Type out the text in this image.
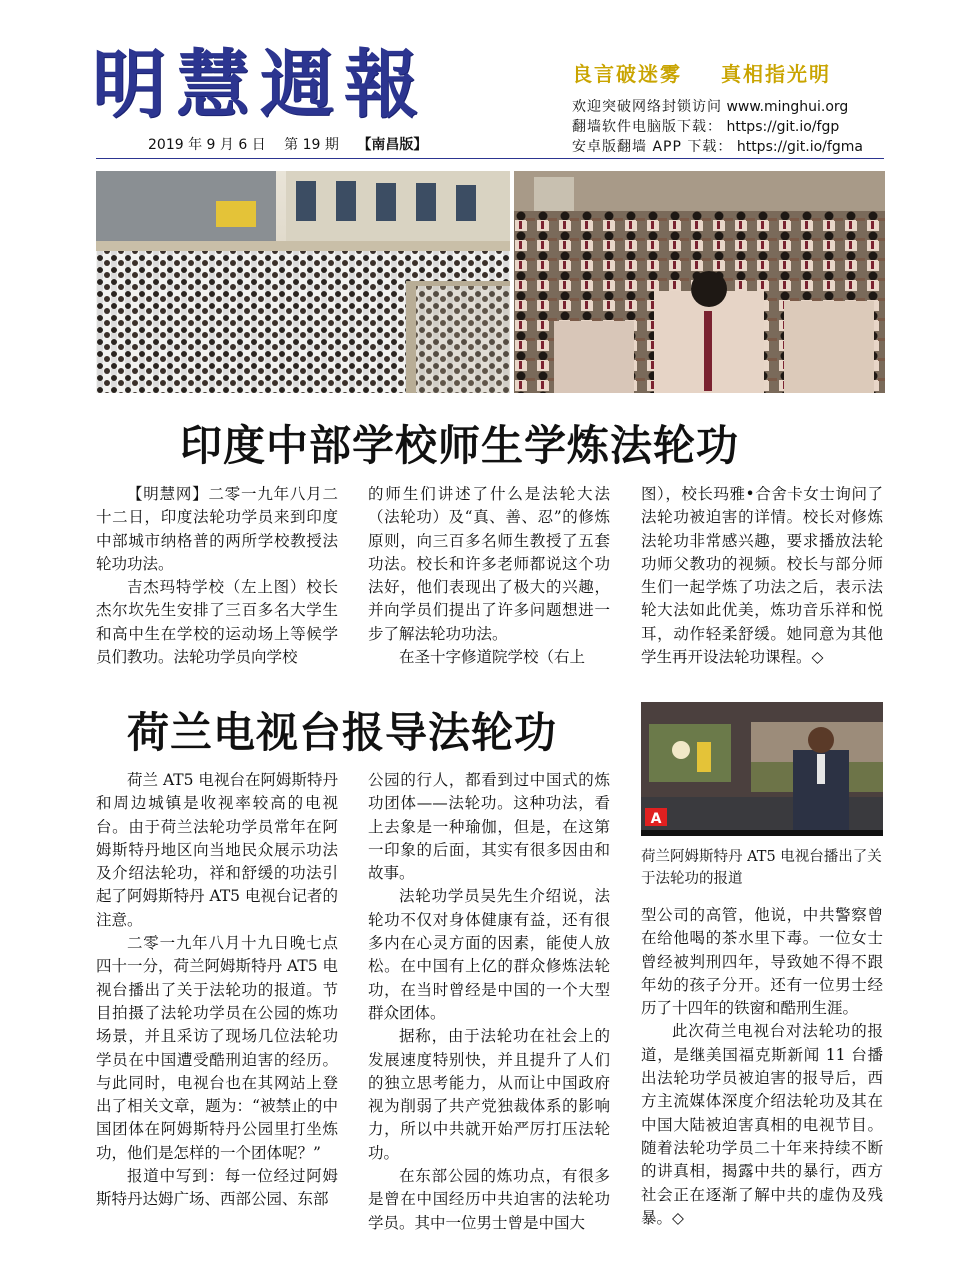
明慧週報
2019 年 9 月 6 日 第 19 期 【南昌版】
良言破迷雾 真相指光明
欢迎突破网络封锁访问 www.minghui.org
翻墙软件电脑版下载： https://git.io/fgp
安卓版翻墙 APP 下载： https://git.io/fgma
印度中部学校师生学炼法轮功

【明慧网】二零一九年八月二十二日，印度法轮功学员来到印度中部城市纳格普的两所学校教授法轮功功法。

吉杰玛特学校（左上图）校长杰尔坎先生安排了三百多名大学生和高中生在学校的运动场上等候学员们教功。法轮功学员向学校

的师生们讲述了什么是法轮大法（法轮功）及“真、善、忍”的修炼原则，向三百多名师生教授了五套功法。校长和许多老师都说这个功法好，他们表现出了极大的兴趣，并向学员们提出了许多问题想进一步了解法轮功功法。

在圣十字修道院学校（右上

图），校长玛雅•合舍卡女士询问了法轮功被迫害的详情。校长对修炼法轮功非常感兴趣，要求播放法轮功师父教功的视频。校长与部分师生们一起学炼了功法之后，表示法轮大法如此优美，炼功音乐祥和悦耳，动作轻柔舒缓。她同意为其他学生再开设法轮功课程。◇

荷兰电视台报导法轮功
A
荷兰阿姆斯特丹 AT5 电视台播出了关于法轮功的报道

荷兰 AT5 电视台在阿姆斯特丹和周边城镇是收视率较高的电视台。由于荷兰法轮功学员常年在阿姆斯特丹地区向当地民众展示功法及介绍法轮功，祥和舒缓的功法引起了阿姆斯特丹 AT5 电视台记者的注意。

二零一九年八月十九日晚七点四十一分，荷兰阿姆斯特丹 AT5 电视台播出了关于法轮功的报道。节目拍摄了法轮功学员在公园的炼功场景，并且采访了现场几位法轮功学员在中国遭受酷刑迫害的经历。与此同时，电视台也在其网站上登出了相关文章，题为：“被禁止的中国团体在阿姆斯特丹公园里打坐炼功，他们是怎样的一个团体呢？”

报道中写到：每一位经过阿姆斯特丹达姆广场、西部公园、东部

公园的行人，都看到过中国式的炼功团体——法轮功。这种功法，看上去象是一种瑜伽，但是，在这第一印象的后面，其实有很多因由和故事。

法轮功学员吴先生介绍说，法轮功不仅对身体健康有益，还有很多内在心灵方面的因素，能使人放松。在中国有上亿的群众修炼法轮功，在当时曾经是中国的一个大型群众团体。

据称，由于法轮功在社会上的发展速度特别快，并且提升了人们的独立思考能力，从而让中国政府视为削弱了共产党独裁体系的影响力，所以中共就开始严厉打压法轮功。

在东部公园的炼功点，有很多是曾在中国经历中共迫害的法轮功学员。其中一位男士曾是中国大

型公司的高管，他说，中共警察曾在给他喝的茶水里下毒。一位女士曾经被判刑四年，导致她不得不跟年幼的孩子分开。还有一位男士经历了十四年的铁窗和酷刑生涯。

此次荷兰电视台对法轮功的报道，是继美国福克斯新闻 11 台播出法轮功学员被迫害的报导后，西方主流媒体深度介绍法轮功及其在中国大陆被迫害真相的电视节目。随着法轮功学员二十年来持续不断的讲真相，揭露中共的暴行，西方社会正在逐渐了解中共的虚伪及残暴。◇
